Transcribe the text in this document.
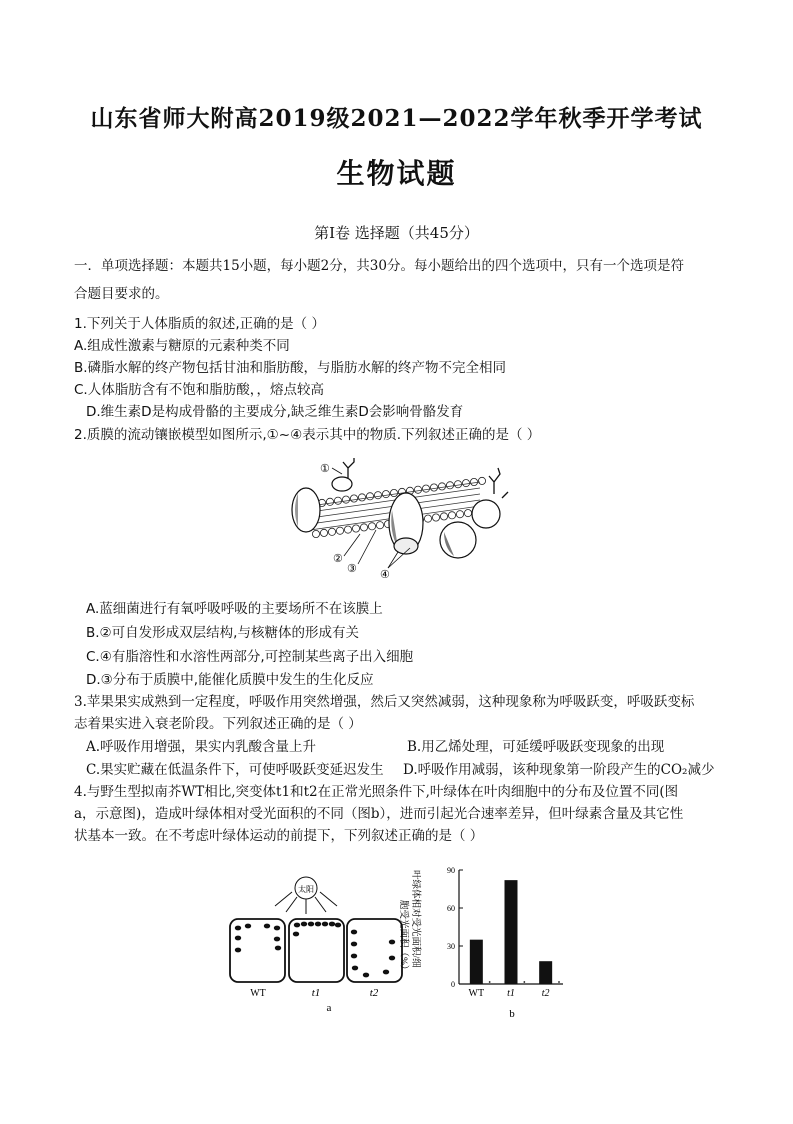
山东省师大附高2019级2021—2022学年秋季开学考试
生物试题
第Ⅰ卷 选择题（共45分）
一．单项选择题：本题共15小题，每小题2分，共30分。每小题给出的四个选项中，只有一个选项是符
合题目要求的。
1.下列关于人体脂质的叙述,正确的是（ ）
A.组成性激素与糖原的元素种类不同
B.磷脂水解的终产物包括甘油和脂肪酸，与脂肪水解的终产物不完全相同
C.人体脂肪含有不饱和脂肪酸，，熔点较高
D.维生素D是构成骨骼的主要成分,缺乏维生素D会影响骨骼发育
2.质膜的流动镶嵌模型如图所示,①~④表示其中的物质.下列叙述正确的是（ ）
①
②
③ ④
A.蓝细菌进行有氧呼吸呼吸的主要场所不在该膜上
B.②可自发形成双层结构,与核糖体的形成有关
C.④有脂溶性和水溶性两部分,可控制某些离子出入细胞
D.③分布于质膜中,能催化质膜中发生的生化反应
3.苹果果实成熟到一定程度，呼吸作用突然增强，然后又突然减弱，这种现象称为呼吸跃变，呼吸跃变标
志着果实进入衰老阶段。下列叙述正确的是（ ）
A.呼吸作用增强，果实内乳酸含量上升	B.用乙烯处理，可延缓呼吸跃变现象的出现
C.果实贮藏在低温条件下，可使呼吸跃变延迟发生 D.呼吸作用减弱，该种现象第一阶段产生的CO₂减少
4.与野生型拟南芥WT相比,突变体t1和t2在正常光照条件下,叶绿体在叶肉细胞中的分布及位置不同(图
a，示意图)，造成叶绿体相对受光面积的不同（图b），进而引起光合速率差异，但叶绿素含量及其它性
状基本一致。在不考虑叶绿体运动的前提下，下列叙述正确的是（ ）
太阳
WT	t1	t2
a
叶绿体相对受光面积/细
胞受光面积（%）
0
30
60
90
WT t1	t2
b
